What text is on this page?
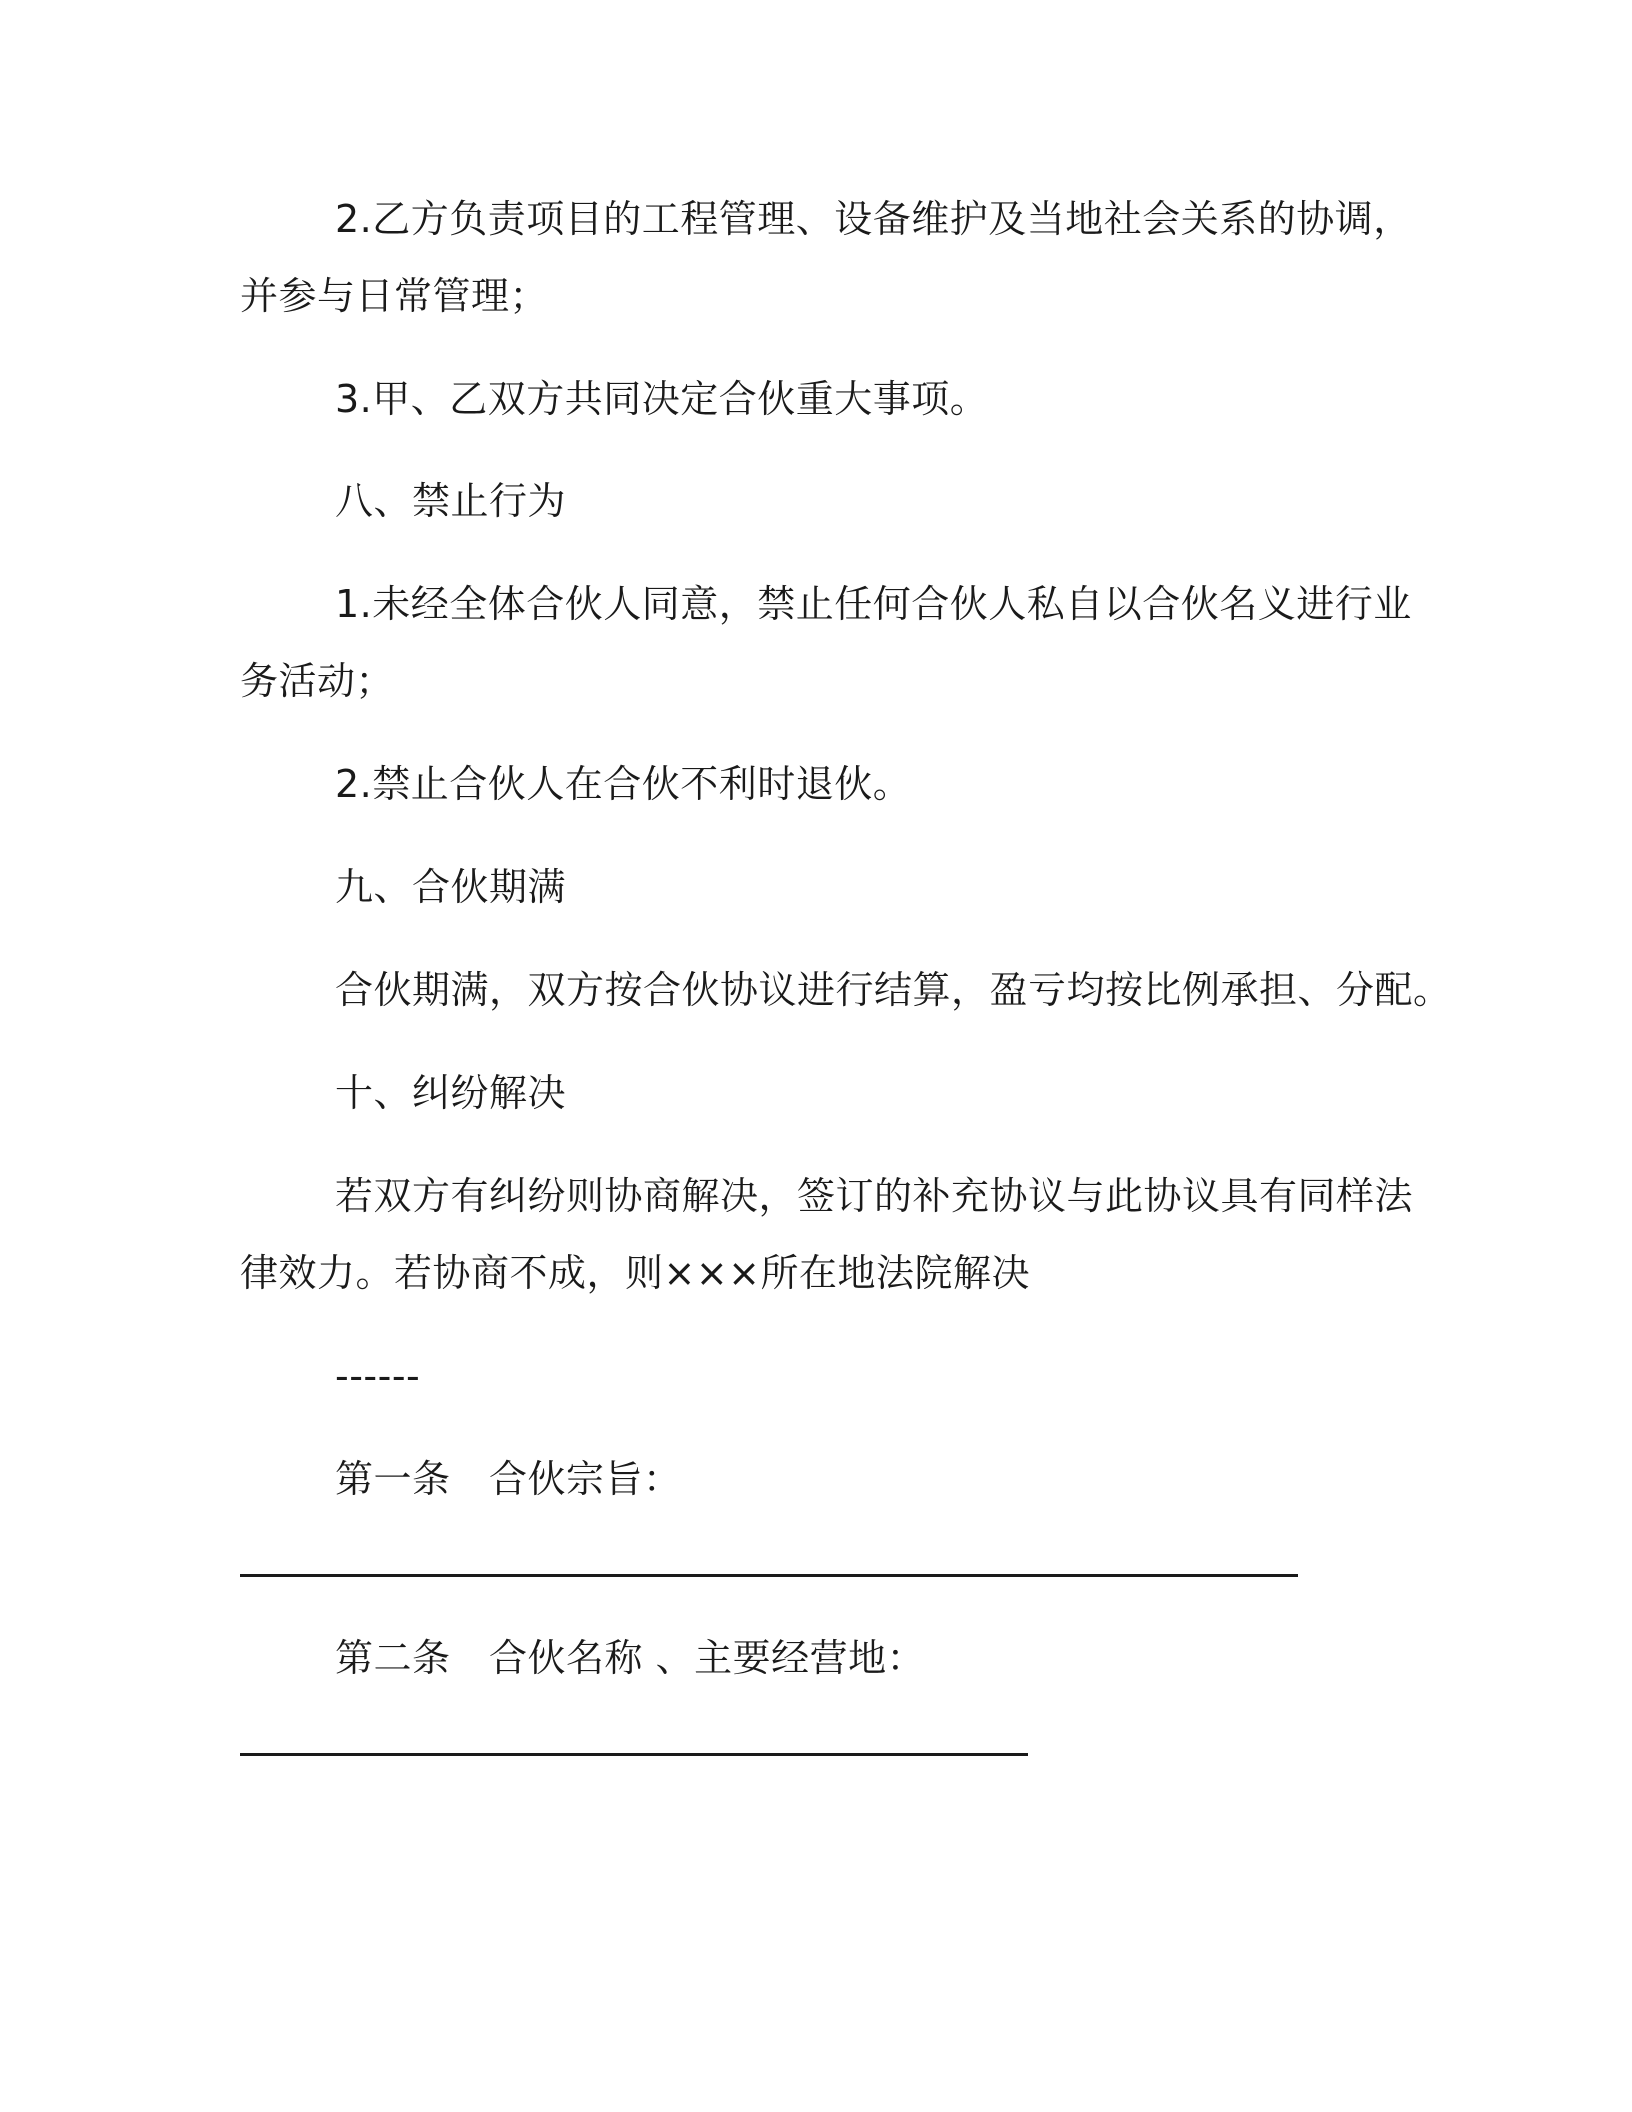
2.乙方负责项目的工程管理、设备维护及当地社会关系的协调，
并参与日常管理；
3.甲、乙双方共同决定合伙重大事项。
八、禁止行为
1.未经全体合伙人同意，禁止任何合伙人私自以合伙名义进行业
务活动；
2.禁止合伙人在合伙不利时退伙。
九、合伙期满
合伙期满，双方按合伙协议进行结算，盈亏均按比例承担、分配。
十、纠纷解决
若双方有纠纷则协商解决，签订的补充协议与此协议具有同样法
律效力。若协商不成，则×××所在地法院解决
------
第一条　合伙宗旨：
第二条　合伙名称 、主要经营地：
